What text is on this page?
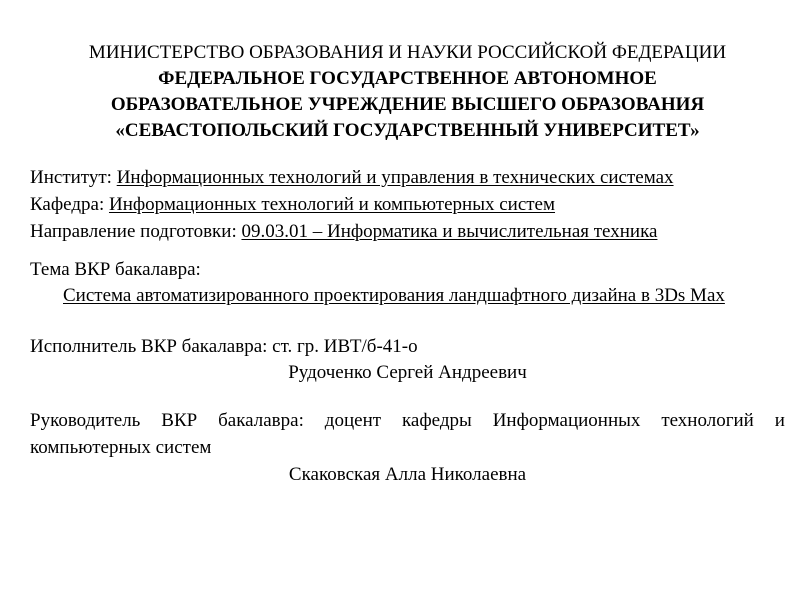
МИНИСТЕРСТВО ОБРАЗОВАНИЯ И НАУКИ РОССИЙСКОЙ ФЕДЕРАЦИИ
ФЕДЕРАЛЬНОЕ ГОСУДАРСТВЕННОЕ АВТОНОМНОЕ
ОБРАЗОВАТЕЛЬНОЕ УЧРЕЖДЕНИЕ ВЫСШЕГО ОБРАЗОВАНИЯ
«СЕВАСТОПОЛЬСКИЙ ГОСУДАРСТВЕННЫЙ УНИВЕРСИТЕТ»
Институт: Информационных технологий и управления в технических системах
Кафедра: Информационных технологий и компьютерных систем
Направление подготовки: 09.03.01 – Информатика и вычислительная техника
Тема ВКР бакалавра:
Система автоматизированного проектирования ландшафтного дизайна в 3Ds Max
Исполнитель ВКР бакалавра: ст. гр. ИВТ/б-41-о
Рудоченко Сергей Андреевич
Руководитель ВКР бакалавра: доцент кафедры Информационных технологий и
компьютерных систем
Скаковская Алла Николаевна
